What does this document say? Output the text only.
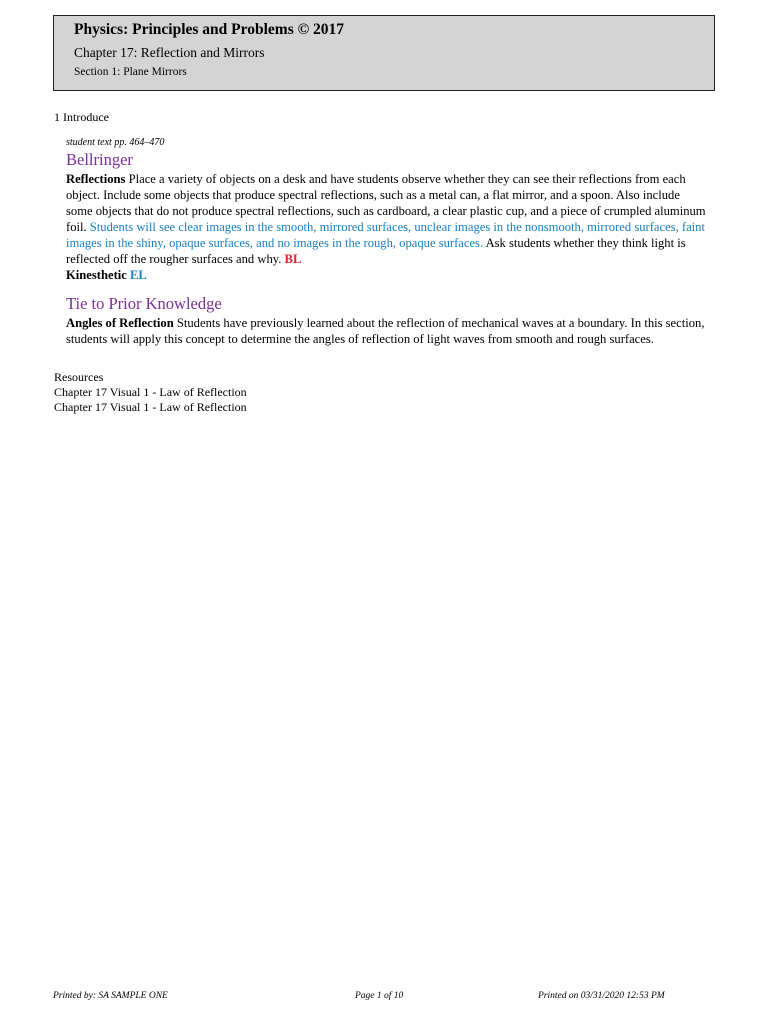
Physics: Principles and Problems © 2017
Chapter 17: Reflection and Mirrors
Section 1: Plane Mirrors
1 Introduce
student text pp. 464–470
Bellringer

Reflections Place a variety of objects on a desk and have students observe whether they can see their reflections from each object. Include some objects that produce spectral reflections, such as a metal can, a flat mirror, and a spoon. Also include some objects that do not produce spectral reflections, such as cardboard, a clear plastic cup, and a piece of crumpled aluminum foil. Students will see clear images in the smooth, mirrored surfaces, unclear images in the nonsmooth, mirrored surfaces, faint images in the shiny, opaque surfaces, and no images in the rough, opaque surfaces. Ask students whether they think light is reflected off the rougher surfaces and why. BL
Kinesthetic EL

Tie to Prior Knowledge

Angles of Reflection Students have previously learned about the reflection of mechanical waves at a boundary. In this section, students will apply this concept to determine the angles of reflection of light waves from smooth and rough surfaces.

Resources
Chapter 17 Visual 1 - Law of Reflection
Chapter 17 Visual 1 - Law of Reflection
Printed by: SA SAMPLE ONE	Page 1 of 10	Printed on 03/31/2020 12:53 PM
